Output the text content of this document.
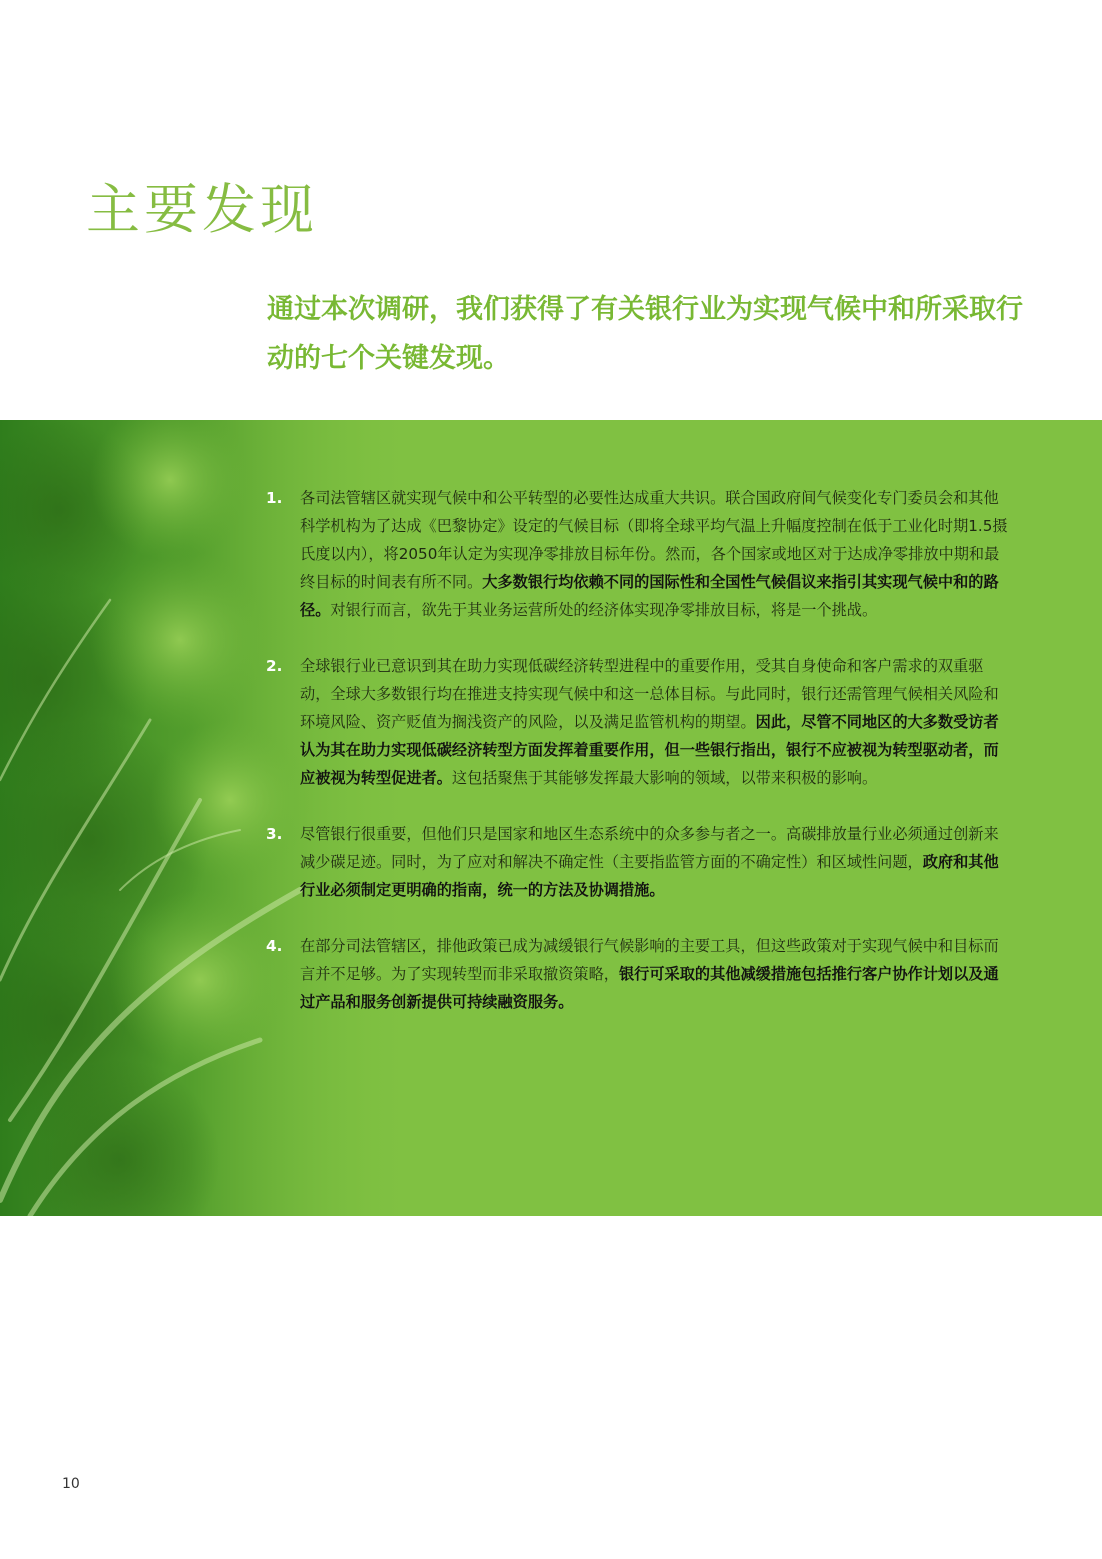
主要发现
通过本次调研，我们获得了有关银行业为实现气候中和所采取行动的七个关键发现。
1. 各司法管辖区就实现气候中和公平转型的必要性达成重大共识。联合国政府间气候变化专门委员会和其他科学机构为了达成《巴黎协定》设定的气候目标（即将全球平均气温上升幅度控制在低于工业化时期1.5摄氏度以内），将2050年认定为实现净零排放目标年份。然而，各个国家或地区对于达成净零排放中期和最终目标的时间表有所不同。大多数银行均依赖不同的国际性和全国性气候倡议来指引其实现气候中和的路径。对银行而言，欲先于其业务运营所处的经济体实现净零排放目标，将是一个挑战。
2. 全球银行业已意识到其在助力实现低碳经济转型进程中的重要作用，受其自身使命和客户需求的双重驱动，全球大多数银行均在推进支持实现气候中和这一总体目标。与此同时，银行还需管理气候相关风险和环境风险、资产贬值为搁浅资产的风险，以及满足监管机构的期望。因此，尽管不同地区的大多数受访者认为其在助力实现低碳经济转型方面发挥着重要作用，但一些银行指出，银行不应被视为转型驱动者，而应被视为转型促进者。这包括聚焦于其能够发挥最大影响的领域，以带来积极的影响。
3. 尽管银行很重要，但他们只是国家和地区生态系统中的众多参与者之一。高碳排放量行业必须通过创新来减少碳足迹。同时，为了应对和解决不确定性（主要指监管方面的不确定性）和区域性问题，政府和其他行业必须制定更明确的指南，统一的方法及协调措施。
4. 在部分司法管辖区，排他政策已成为减缓银行气候影响的主要工具，但这些政策对于实现气候中和目标而言并不足够。为了实现转型而非采取撤资策略，银行可采取的其他减缓措施包括推行客户协作计划以及通过产品和服务创新提供可持续融资服务。
10
